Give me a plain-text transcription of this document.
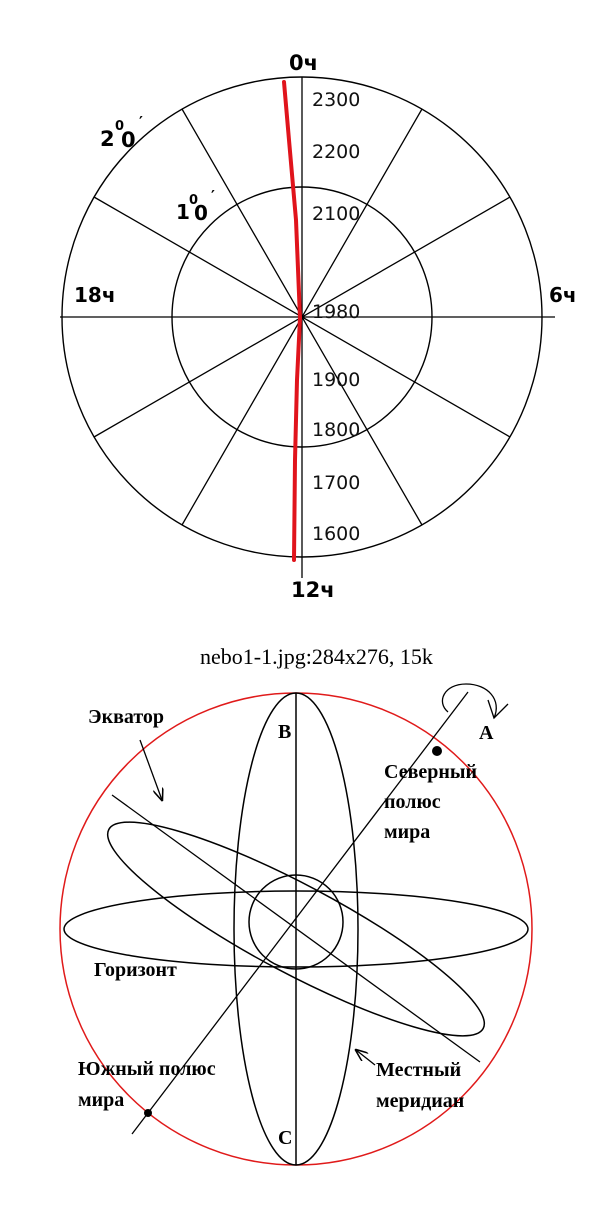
0ч
6ч
12ч
18ч
2
0
0
′
1 0
0
′
2300
2200
2100
1980
1900
1800
1700
1600
nebo1-1.jpg:284x276, 15k
B
C
A
Экватор
Горизонт
Северный
полюс
мира
Южный полюс
мира
Местный
меридиан
